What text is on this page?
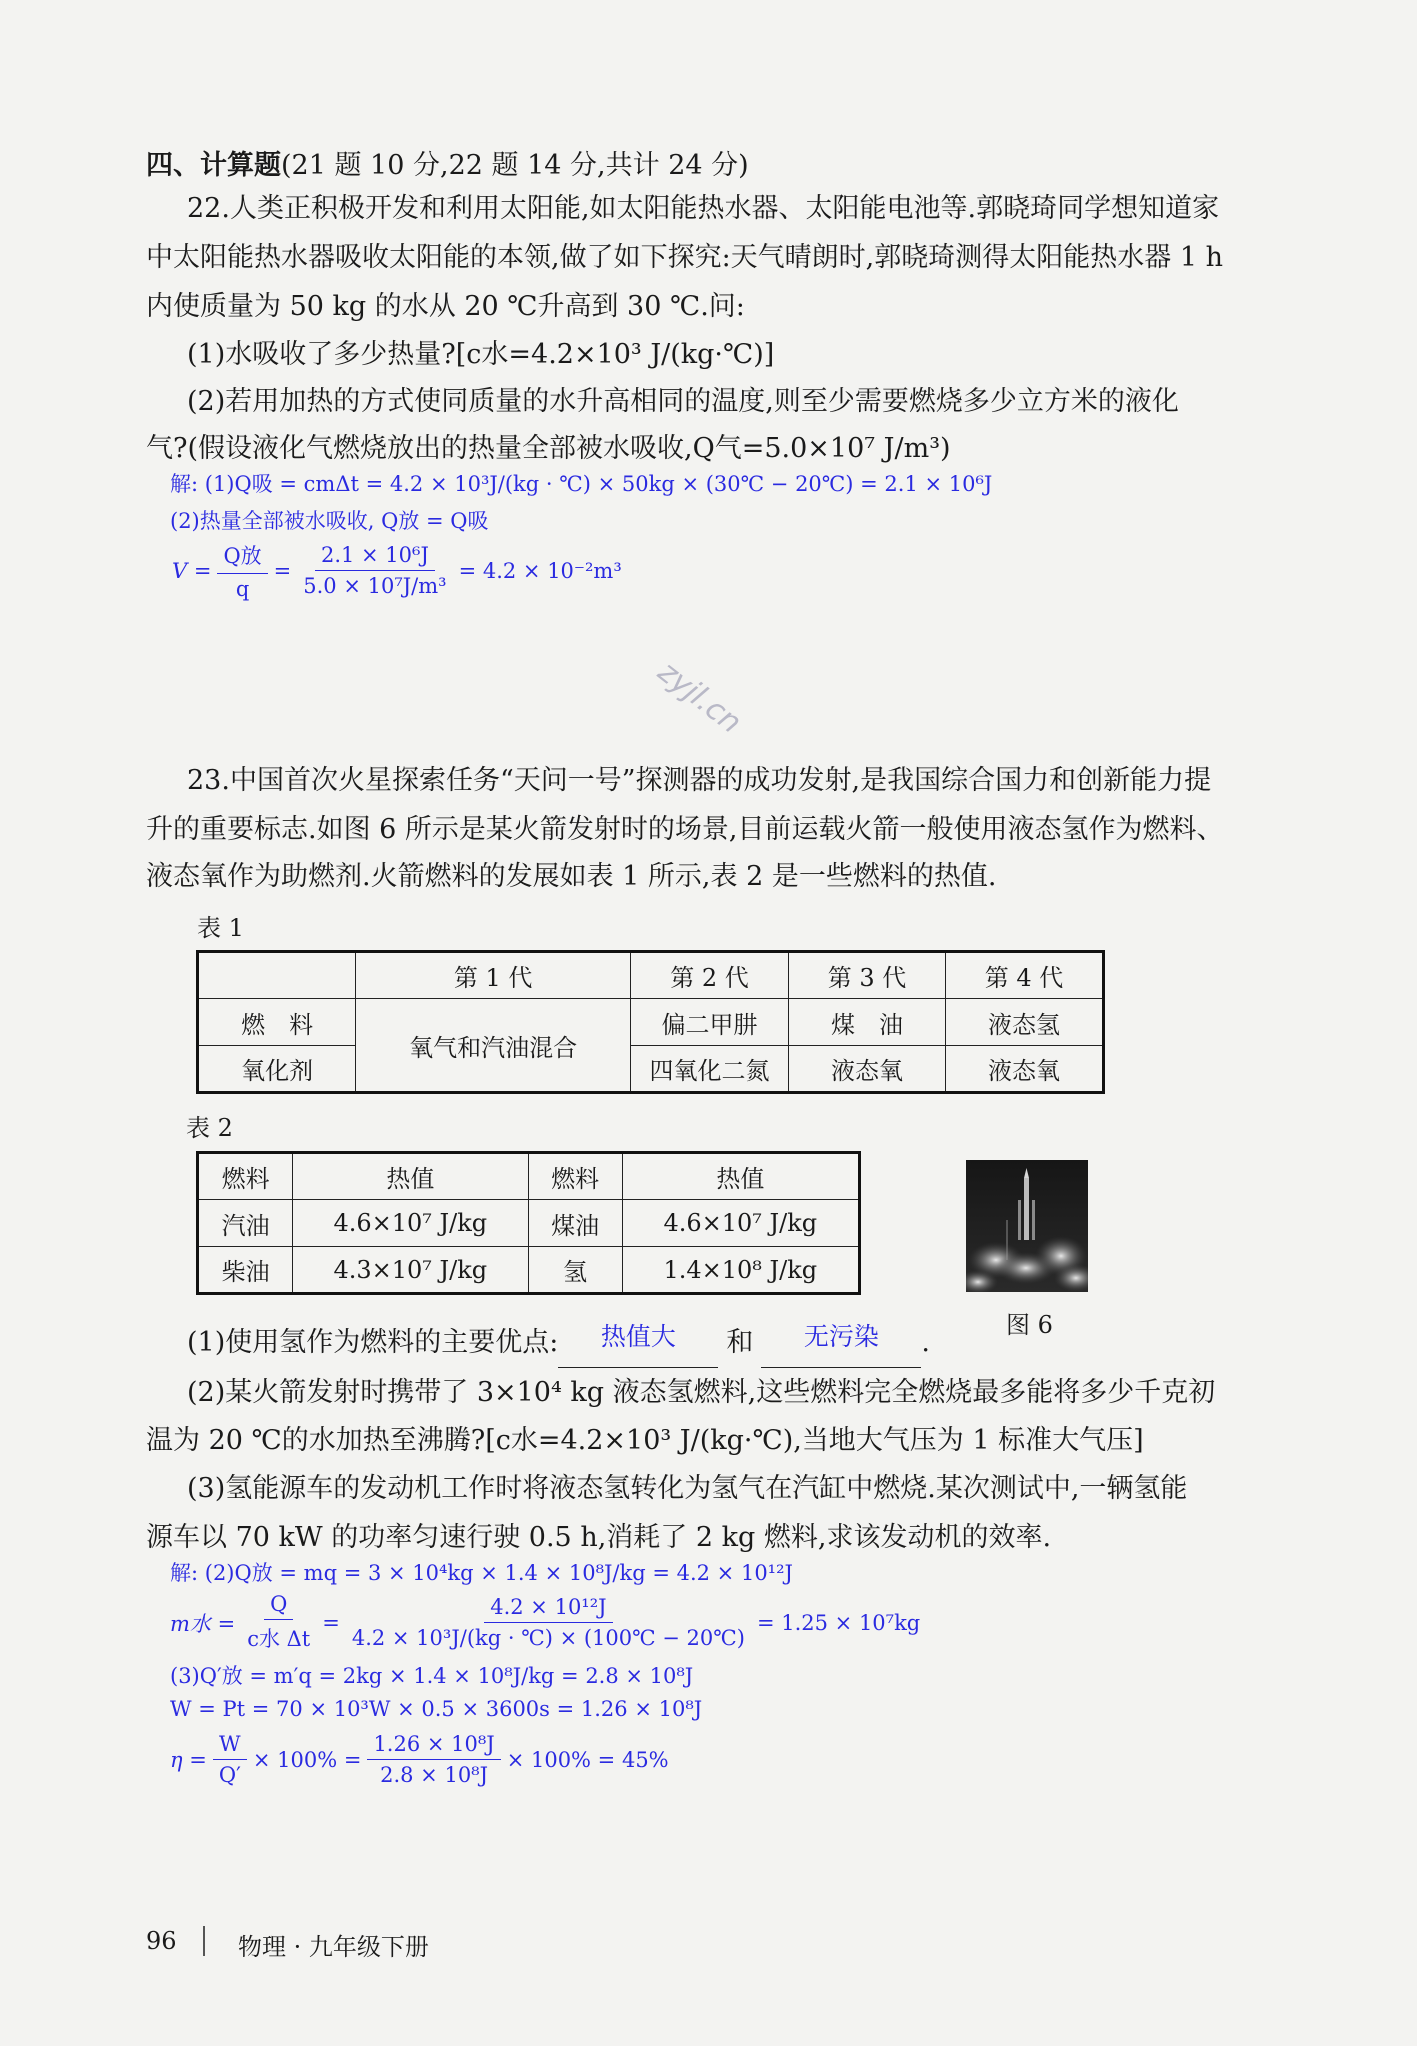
四、计算题(21 题 10 分,22 题 14 分,共计 24 分)
22.人类正积极开发和利用太阳能,如太阳能热水器、太阳能电池等.郭晓琦同学想知道家
中太阳能热水器吸收太阳能的本领,做了如下探究:天气晴朗时,郭晓琦测得太阳能热水器 1 h
内使质量为 50 kg 的水从 20 ℃升高到 30 ℃.问:
(1)水吸收了多少热量?[c水=4.2×10³ J/(kg·℃)]
(2)若用加热的方式使同质量的水升高相同的温度,则至少需要燃烧多少立方米的液化
气?(假设液化气燃烧放出的热量全部被水吸收,Q气=5.0×10⁷ J/m³)
解: (1)Q吸 = cmΔt = 4.2 × 10³J/(kg · ℃) × 50kg × (30℃ − 20℃) = 2.1 × 10⁶J
(2)热量全部被水吸收, Q放 = Q吸
$V = \frac{\text{Q放}}{q} = \frac{\text{2.1 × 10⁶J}}{\text{5.0 × 10⁷J/m³}} = 4.2 \times 10^{-2}m^3$
zyjl.cn
23.中国首次火星探索任务“天问一号”探测器的成功发射,是我国综合国力和创新能力提
升的重要标志.如图 6 所示是某火箭发射时的场景,目前运载火箭一般使用液态氢作为燃料、
液态氧作为助燃剂.火箭燃料的发展如表 1 所示,表 2 是一些燃料的热值.
表 1
	第 1 代	第 2 代	第 3 代	第 4 代
燃　料	氧气和汽油混合	偏二甲肼	煤　油	液态氢
氧化剂		四氧化二氮	液态氧	液态氧
表 2
燃料	热值	燃料	热值
汽油	4.6×10⁷ J/kg	煤油	4.6×10⁷ J/kg
柴油	4.3×10⁷ J/kg	氢	1.4×10⁸ J/kg
图 6
(1)使用氢作为燃料的主要优点: 热值大 和 无污染 .
(2)某火箭发射时携带了 3×10⁴ kg 液态氢燃料,这些燃料完全燃烧最多能将多少千克初
温为 20 ℃的水加热至沸腾?[c水=4.2×10³ J/(kg·℃),当地大气压为 1 标准大气压]
(3)氢能源车的发动机工作时将液态氢转化为氢气在汽缸中燃烧.某次测试中,一辆氢能
源车以 70 kW 的功率匀速行驶 0.5 h,消耗了 2 kg 燃料,求该发动机的效率.
解: (2)Q放 = mq = 3 × 10⁴kg × 1.4 × 10⁸J/kg = 4.2 × 10¹²J
m水 = $\frac{Q}{\text{c水 Δt}} = \frac{\text{4.2 × 10¹²J}}{\text{4.2 × 10³J/(kg · ℃) × (100℃ − 20℃)}} = 1.25 \times 10^7kg$
(3)Q′放 = m′q = 2kg × 1.4 × 10⁸J/kg = 2.8 × 10⁸J
W = Pt = 70 × 10³W × 0.5 × 3600s = 1.26 × 10⁸J
$\eta = \frac{W}{Q'} \times 100\% = \frac{\text{1.26 × 10⁸J}}{\text{2.8 × 10⁸J}} \times 100\% = 45\%$
96	物理 · 九年级下册
